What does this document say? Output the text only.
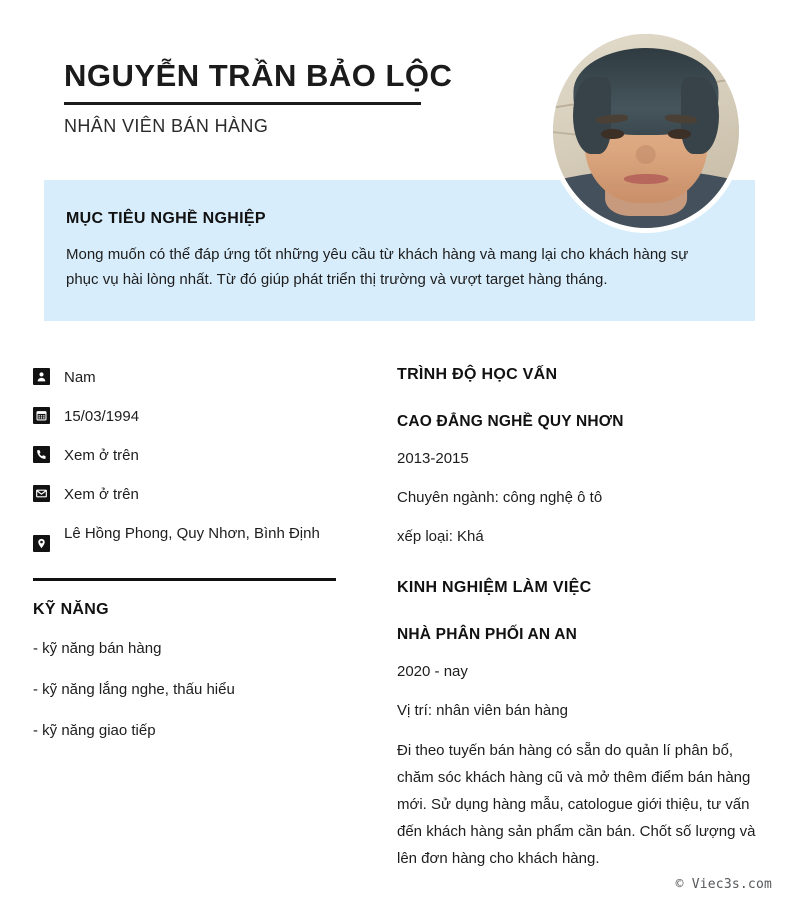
NGUYỄN TRẦN BẢO LỘC
NHÂN VIÊN BÁN HÀNG
MỤC TIÊU NGHỀ NGHIỆP
Mong muốn có thể đáp ứng tốt những yêu cầu từ khách hàng và mang lại cho khách hàng sự phục vụ hài lòng nhất. Từ đó giúp phát triển thị trường và vượt target hàng tháng.
Nam
15/03/1994
Xem ở trên
Xem ở trên
Lê Hồng Phong, Quy Nhơn, Bình Định
KỸ NĂNG
- kỹ năng bán hàng
- kỹ năng lắng nghe, thấu hiểu
- kỹ năng giao tiếp
TRÌNH ĐỘ HỌC VẤN
CAO ĐẲNG NGHỀ QUY NHƠN
2013-2015
Chuyên ngành: công nghệ ô tô
xếp loại: Khá
KINH NGHIỆM LÀM VIỆC
NHÀ PHÂN PHỐI AN AN
2020 - nay
Vị trí: nhân viên bán hàng
Đi theo tuyến bán hàng có sẵn do quản lí phân bổ, chăm sóc khách hàng cũ và mở thêm điểm bán hàng mới. Sử dụng hàng mẫu, catologue giới thiệu, tư vấn đến khách hàng sản phẩm cần bán. Chốt số lượng và lên đơn hàng cho khách hàng.
© Viec3s.com
